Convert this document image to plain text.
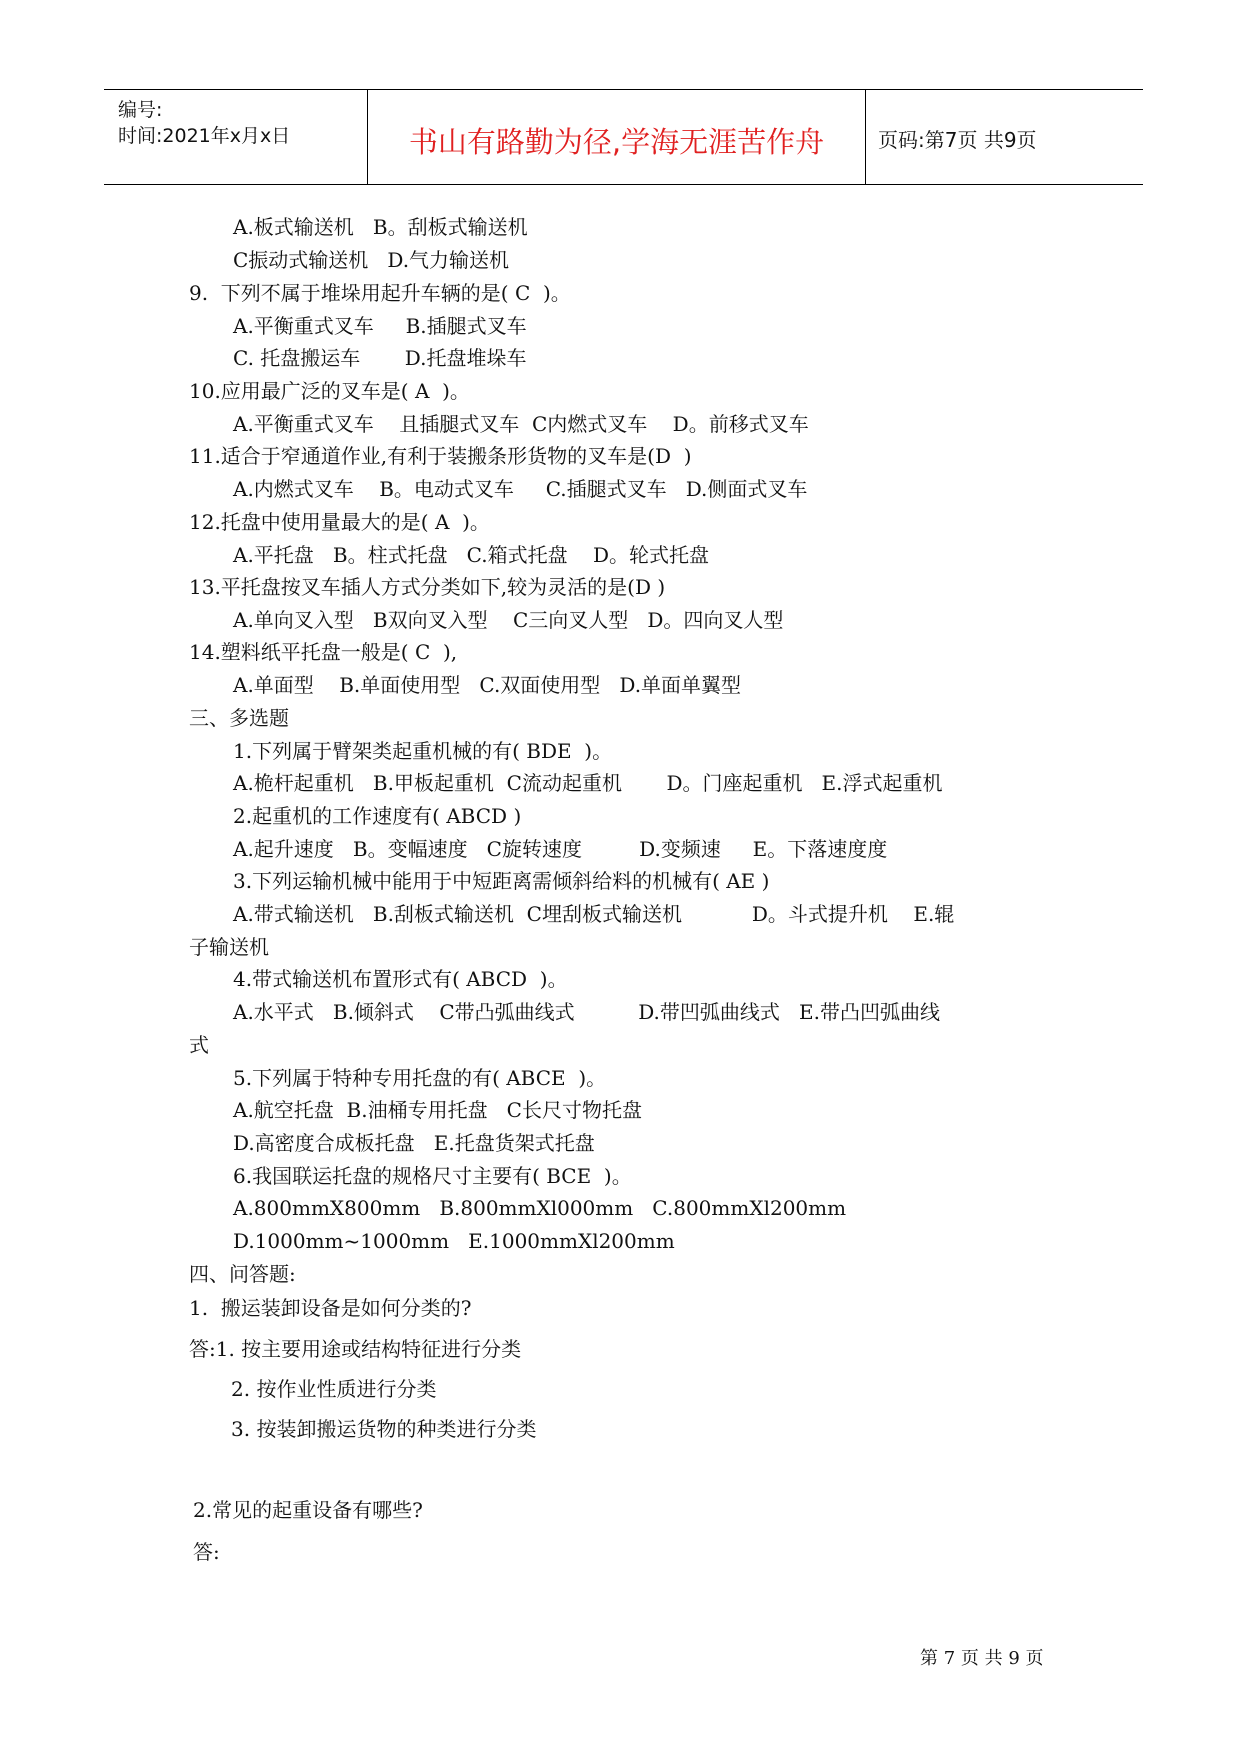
编号:
时间:2021年x月x日	书山有路勤为径,学海无涯苦作舟	页码:第7页 共9页
A.板式输送机   B。刮板式输送机
C振动式输送机   D.气力输送机
9.  下列不属于堆垛用起升车辆的是( C  )。
A.平衡重式叉车     B.插腿式叉车
C. 托盘搬运车       D.托盘堆垛车
10.应用最广泛的叉车是( A  )。
A.平衡重式叉车    且插腿式叉车  C内燃式叉车    D。前移式叉车
11.适合于窄通道作业,有利于装搬条形货物的叉车是(D  )
A.内燃式叉车    B。电动式叉车     C.插腿式叉车   D.侧面式叉车
12.托盘中使用量最大的是( A  )。
A.平托盘   B。柱式托盘   C.箱式托盘    D。轮式托盘
13.平托盘按叉车插人方式分类如下,较为灵活的是(D )
A.单向叉入型   B双向叉入型    C三向叉人型   D。四向叉人型
14.塑料纸平托盘一般是( C  ),
A.单面型    B.单面使用型   C.双面使用型   D.单面单翼型
三、多选题
1.下列属于臂架类起重机械的有( BDE  )。
A.桅杆起重机   B.甲板起重机  C流动起重机       D。门座起重机   E.浮式起重机
2.起重机的工作速度有( ABCD )
A.起升速度   B。变幅速度   C旋转速度         D.变频速     E。下落速度度
3.下列运输机械中能用于中短距离需倾斜给料的机械有( AE )
A.带式输送机   B.刮板式输送机  C埋刮板式输送机           D。斗式提升机    E.辊
子输送机
4.带式输送机布置形式有( ABCD  )。
A.水平式   B.倾斜式    C带凸弧曲线式          D.带凹弧曲线式   E.带凸凹弧曲线
式
5.下列属于特种专用托盘的有( ABCE  )。
A.航空托盘  B.油桶专用托盘   C长尺寸物托盘
D.高密度合成板托盘   E.托盘货架式托盘
6.我国联运托盘的规格尺寸主要有( BCE  )。
A.800mmX800mm   B.800mmXl000mm   C.800mmXl200mm
D.1000mm~1000mm   E.1000mmXl200mm
四、问答题:
1.  搬运装卸设备是如何分类的?
答:1. 按主要用途或结构特征进行分类
2. 按作业性质进行分类
3. 按装卸搬运货物的种类进行分类
2.常见的起重设备有哪些?
答:
第 7 页 共 9 页
